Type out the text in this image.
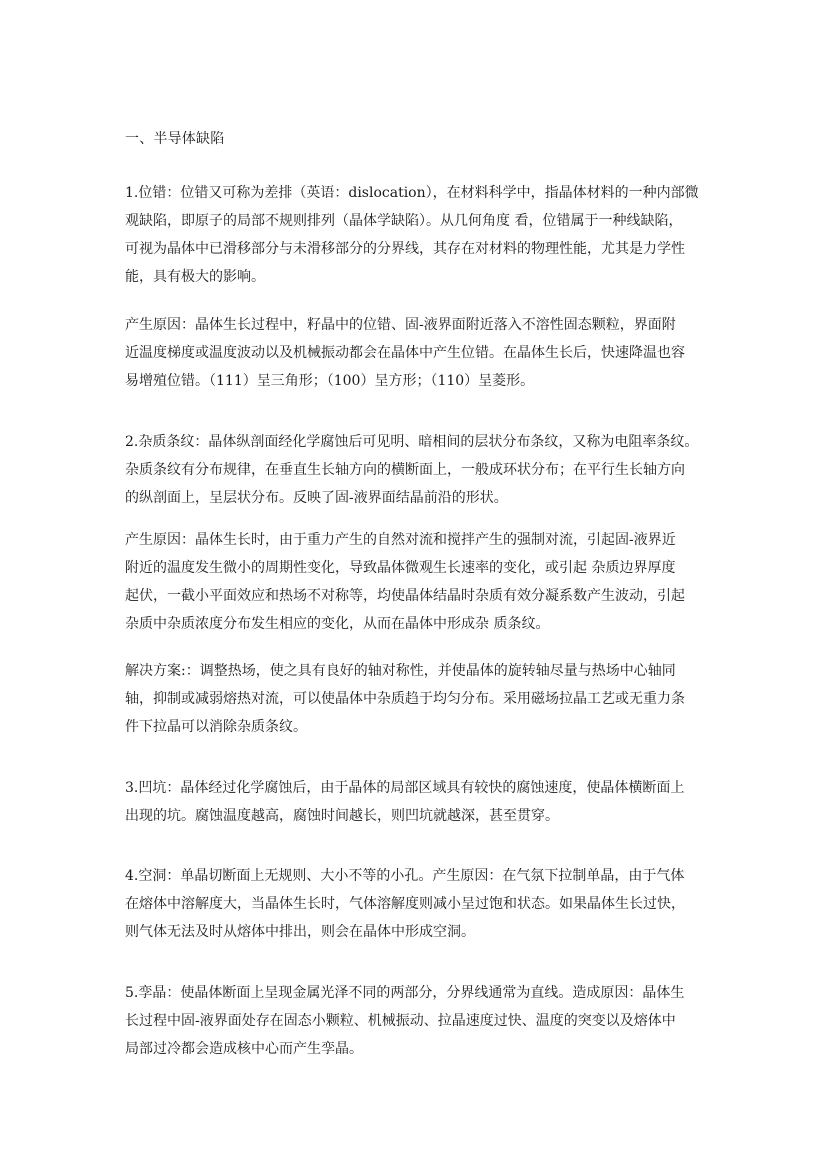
一、半导体缺陷

1.位错：位错又可称为差排（英语：dislocation），在材料科学中，指晶体材料的一种内部微
观缺陷，即原子的局部不规则排列（晶体学缺陷）。从几何角度 看，位错属于一种线缺陷，
可视为晶体中已滑移部分与未滑移部分的分界线，其存在对材料的物理性能，尤其是力学性
能，具有极大的影响。

产生原因：晶体生长过程中，籽晶中的位错、固-液界面附近落入不溶性固态颗粒，界面附
近温度梯度或温度波动以及机械振动都会在晶体中产生位错。在晶体生长后，快速降温也容
易增殖位错。（111）呈三角形；（100）呈方形；（110）呈菱形。

2.杂质条纹：晶体纵剖面经化学腐蚀后可见明、暗相间的层状分布条纹，又称为电阻率条纹。
杂质条纹有分布规律，在垂直生长轴方向的横断面上，一般成环状分布；在平行生长轴方向
的纵剖面上，呈层状分布。反映了固-液界面结晶前沿的形状。

产生原因：晶体生长时，由于重力产生的自然对流和搅拌产生的强制对流，引起固-液界近
附近的温度发生微小的周期性变化，导致晶体微观生长速率的变化，或引起 杂质边界厚度
起伏，一截小平面效应和热场不对称等，均使晶体结晶时杂质有效分凝系数产生波动，引起
杂质中杂质浓度分布发生相应的变化，从而在晶体中形成杂 质条纹。

解决方案:：调整热场，使之具有良好的轴对称性，并使晶体的旋转轴尽量与热场中心轴同
轴，抑制或减弱熔热对流，可以使晶体中杂质趋于均匀分布。采用磁场拉晶工艺或无重力条
件下拉晶可以消除杂质条纹。

3.凹坑：晶体经过化学腐蚀后，由于晶体的局部区域具有较快的腐蚀速度，使晶体横断面上
出现的坑。腐蚀温度越高，腐蚀时间越长，则凹坑就越深，甚至贯穿。

4.空洞：单晶切断面上无规则、大小不等的小孔。产生原因：在气氛下拉制单晶，由于气体
在熔体中溶解度大，当晶体生长时，气体溶解度则减小呈过饱和状态。如果晶体生长过快，
则气体无法及时从熔体中排出，则会在晶体中形成空洞。

5.孪晶：使晶体断面上呈现金属光泽不同的两部分，分界线通常为直线。造成原因：晶体生
长过程中固-液界面处存在固态小颗粒、机械振动、拉晶速度过快、温度的突变以及熔体中
局部过冷都会造成核中心而产生孪晶。
